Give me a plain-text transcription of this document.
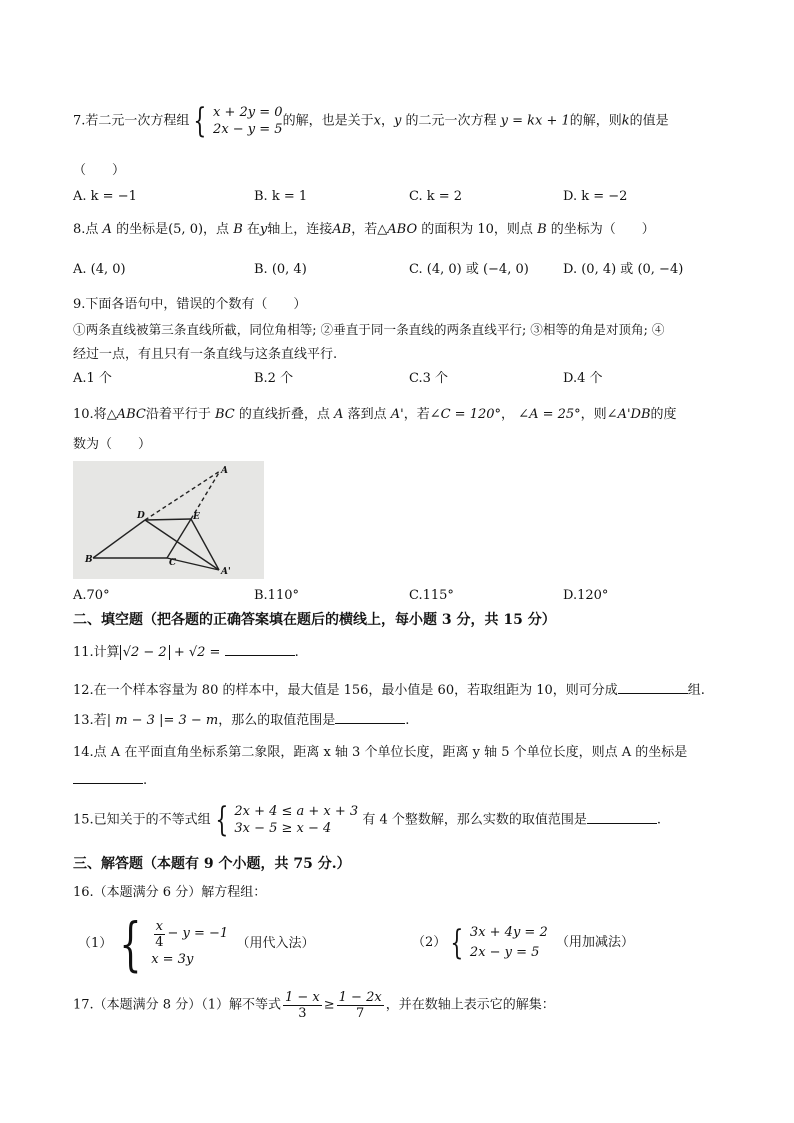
7.若二元一次方程组 { x + 2y = 0
2x − y = 5
的解，也是关于x，y 的二元一次方程 y = kx + 1的解，则k的值是
（　　）
A. k = −1	B. k = 1	C. k = 2	D. k = −2
8.点 A 的坐标是(5, 0)，点 B 在y轴上，连接AB，若△ABO 的面积为 10，则点 B 的坐标为（　　）
A. (4, 0)	B. (0, 4)	C. (4, 0) 或 (−4, 0)	D. (0, 4) 或 (0, −4)
9.下面各语句中，错误的个数有（　　）
①两条直线被第三条直线所截，同位角相等; ②垂直于同一条直线的两条直线平行; ③相等的角是对顶角; ④
经过一点，有且只有一条直线与这条直线平行.
A.1 个	B.2 个	C.3 个	D.4 个
10.将△ABC沿着平行于 BC 的直线折叠，点 A 落到点 A'，若∠C = 120°， ∠A = 25°，则∠A'DB的度
数为（　　）
A
D	E
B	C
A'
A.70°	B.110°	C.115°	D.120°
二、填空题（把各题的正确答案填在题后的横线上，每小题 3 分，共 15 分）
11.计算 √2 − 2 + √2 =	.
12.在一个样本容量为 80 的样本中，最大值是 156，最小值是 60，若取组距为 10，则可分成	组.
13.若| m − 3 |= 3 − m，那么的取值范围是	.
14.点 A 在平面直角坐标系第二象限，距离 x 轴 3 个单位长度，距离 y 轴 5 个单位长度，则点 A 的坐标是
.
15.已知关于的不等式组 { 2x + 4 ≤ a + x + 3
3x − 5 ≥ x − 4
有 4 个整数解，那么实数的取值范围是	.
三、解答题（本题有 9 个小题，共 75 分.）
16.（本题满分 6 分）解方程组：
（1） { $\frac{x}{4} - y = -1$
x = 3y
（用代入法）	（2） { 3x + 4y = 2
2x − y = 5
（用加减法）
17.（本题满分 8 分）（1）解不等式 $\frac{1 - x}{3} \ge \frac{1 - 2x}{7}$ ，并在数轴上表示它的解集：
